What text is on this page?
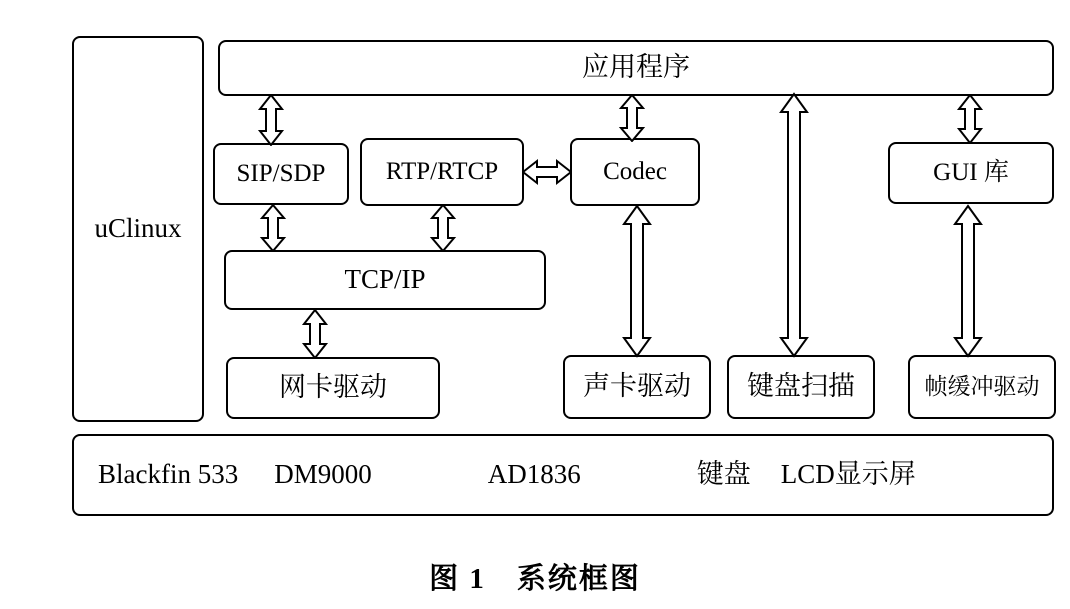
uClinux
应用程序
SIP/SDP RTP/RTCP	Codec	GUI 库
TCP/IP
网卡驱动	声卡驱动 键盘扫描	帧缓冲驱动
Blackfin 533 DM9000	AD1836	键盘 LCD显示屏
图 1　系统框图
